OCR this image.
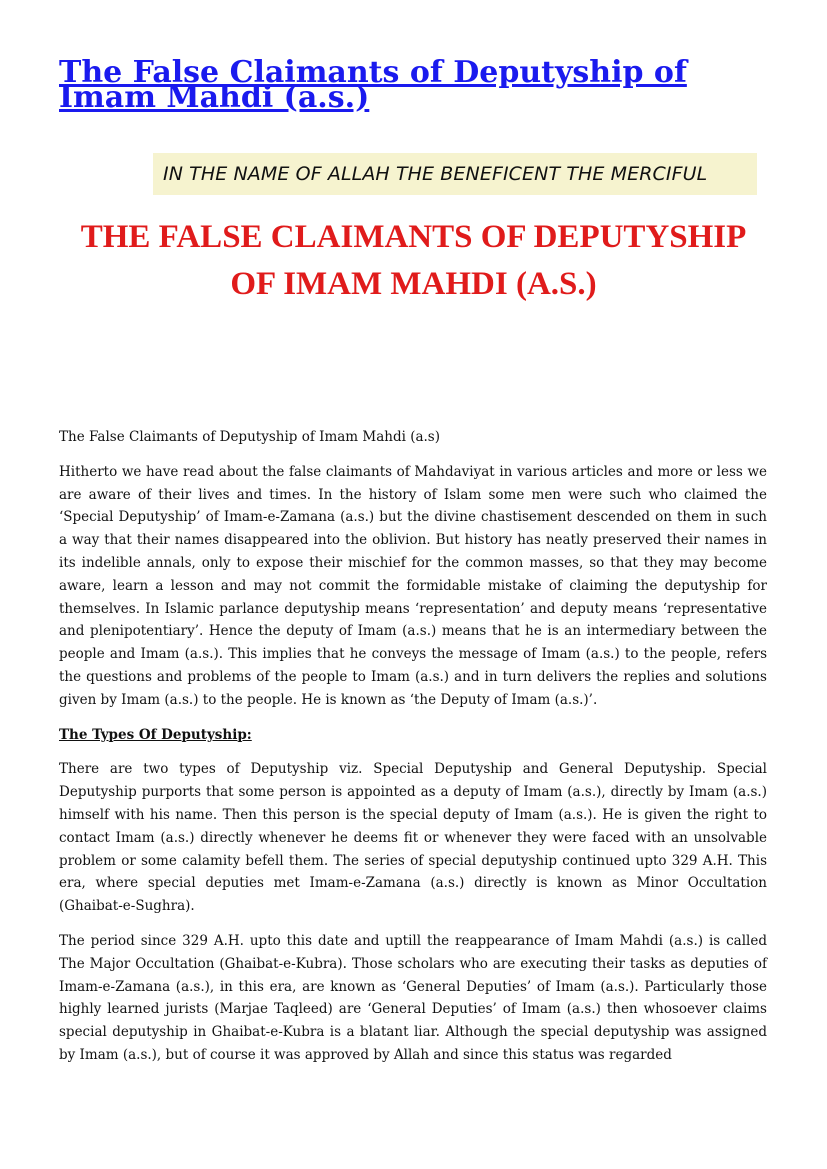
The False Claimants of Deputyship of Imam Mahdi (a.s.)
IN THE NAME OF ALLAH THE BENEFICENT THE MERCIFUL
THE FALSE CLAIMANTS OF DEPUTYSHIP
OF IMAM MAHDI (A.S.)

The False Claimants of Deputyship of Imam Mahdi (a.s)

Hitherto we have read about the false claimants of Mahdaviyat in various articles and more or less we are aware of their lives and times. In the history of Islam some men were such who claimed the ‘Special Deputyship’ of Imam-e-Zamana (a.s.) but the divine chastisement descended on them in such a way that their names disappeared into the oblivion. But history has neatly preserved their names in its indelible annals, only to expose their mischief for the common masses, so that they may become aware, learn a lesson and may not commit the formidable mistake of claiming the deputyship for themselves. In Islamic parlance deputyship means ‘representation’ and deputy means ‘representative and plenipotentiary’. Hence the deputy of Imam (a.s.) means that he is an intermediary between the people and Imam (a.s.). This implies that he conveys the message of Imam (a.s.) to the people, refers the questions and problems of the people to Imam (a.s.) and in turn delivers the replies and solutions given by Imam (a.s.) to the people. He is known as ‘the Deputy of Imam (a.s.)’.

The Types Of Deputyship:

There are two types of Deputyship viz. Special Deputyship and General Deputyship. Special Deputyship purports that some person is appointed as a deputy of Imam (a.s.), directly by Imam (a.s.) himself with his name. Then this person is the special deputy of Imam (a.s.). He is given the right to contact Imam (a.s.) directly whenever he deems fit or whenever they were faced with an unsolvable problem or some calamity befell them. The series of special deputyship continued upto 329 A.H. This era, where special deputies met Imam-e-Zamana (a.s.) directly is known as Minor Occultation (Ghaibat-e-Sughra).

The period since 329 A.H. upto this date and uptill the reappearance of Imam Mahdi (a.s.) is called The Major Occultation (Ghaibat-e-Kubra). Those scholars who are executing their tasks as deputies of Imam-e-Zamana (a.s.), in this era, are known as ‘General Deputies’ of Imam (a.s.). Particularly those highly learned jurists (Marjae Taqleed) are ‘General Deputies’ of Imam (a.s.) then whosoever claims special deputyship in Ghaibat-e-Kubra is a blatant liar. Although the special deputyship was assigned by Imam (a.s.), but of course it was approved by Allah and since this status was regarded
